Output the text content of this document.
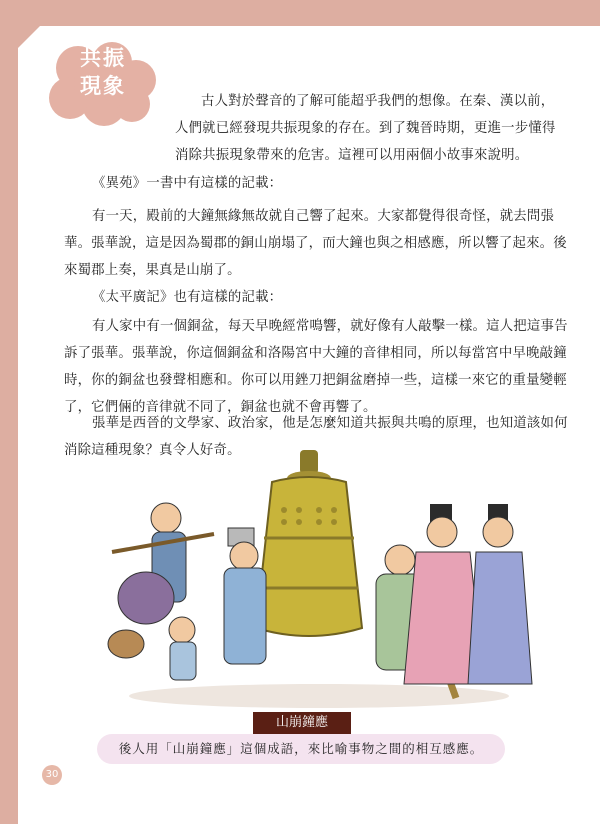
共振
現象

古人對於聲音的了解可能超乎我們的想像。在秦、漢以前，

人們就已經發現共振現象的存在。到了魏晉時期，更進一步懂得

消除共振現象帶來的危害。這裡可以用兩個小故事來說明。

《異苑》一書中有這樣的記載：

有一天，殿前的大鐘無緣無故就自己響了起來。大家都覺得很奇怪，就去問張

華。張華說，這是因為蜀郡的銅山崩塌了，而大鐘也與之相感應，所以響了起來。後

來蜀郡上奏，果真是山崩了。

《太平廣記》也有這樣的記載：

有人家中有一個銅盆，每天早晚經常鳴響，就好像有人敲擊一樣。這人把這事告

訴了張華。張華說，你這個銅盆和洛陽宮中大鐘的音律相同，所以每當宮中早晚敲鐘

時，你的銅盆也發聲相應和。你可以用銼刀把銅盆磨掉一些，這樣一來它的重量變輕

了，它們倆的音律就不同了，銅盆也就不會再響了。

張華是西晉的文學家、政治家，他是怎麼知道共振與共鳴的原理，也知道該如何

消除這種現象？真令人好奇。

山崩鐘應
後人用「山崩鐘應」這個成語，來比喻事物之間的相互感應。
30
